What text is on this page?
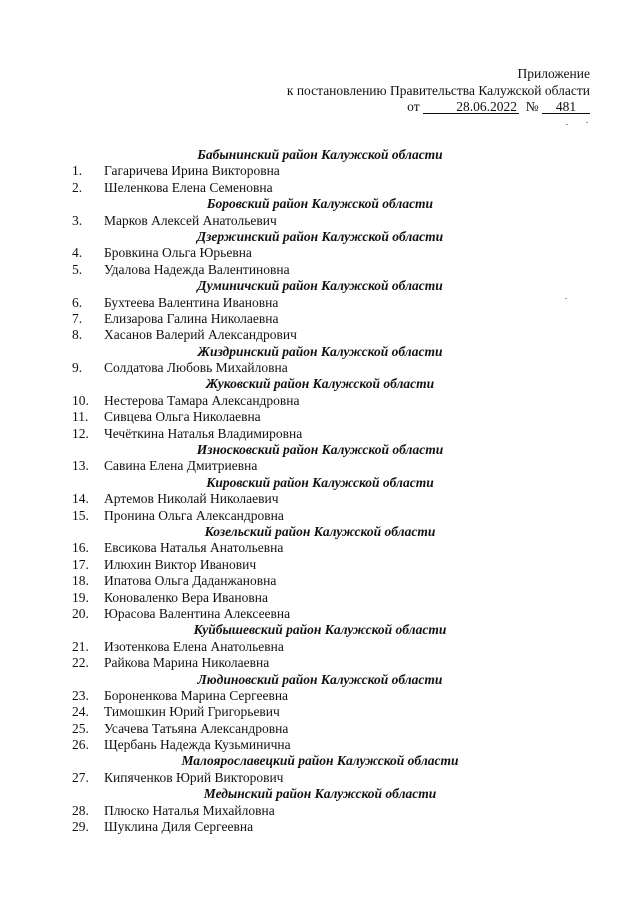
Приложение
к постановлению Правительства Калужской области
от	28.06.2022 № 481
Бабынинский район Калужской области
1.	Гагаричева Ирина Викторовна
2.	Шеленкова Елена Семеновна
Боровский район Калужской области
3.	Марков Алексей Анатольевич
Дзержинский район Калужской области
4.	Бровкина Ольга Юрьевна
5.	Удалова Надежда Валентиновна
Думиничский район Калужской области
6.	Бухтеева Валентина Ивановна
7.	Елизарова Галина Николаевна
8.	Хасанов Валерий Александрович
Жиздринский район Калужской области
9.	Солдатова Любовь Михайловна
Жуковский район Калужской области
10. Нестерова Тамара Александровна
11. Сивцева Ольга Николаевна
12. Чечёткина Наталья Владимировна
Износковский район Калужской области
13. Савина Елена Дмитриевна
Кировский район Калужской области
14. Артемов Николай Николаевич
15. Пронина Ольга Александровна
Козельский район Калужской области
16. Евсикова Наталья Анатольевна
17. Илюхин Виктор Иванович
18. Ипатова Ольга Даданжановна
19. Коноваленко Вера Ивановна
20. Юрасова Валентина Алексеевна
Куйбышевский район Калужской области
21. Изотенкова Елена Анатольевна
22. Райкова Марина Николаевна
Людиновский район Калужской области
23. Бороненкова Марина Сергеевна
24. Тимошкин Юрий Григорьевич
25. Усачева Татьяна Александровна
26. Щербань Надежда Кузьминична
Малоярославецкий район Калужской области
27. Кипяченков Юрий Викторович
Медынский район Калужской области
28. Плюско Наталья Михайловна
29. Шуклина Диля Сергеевна
